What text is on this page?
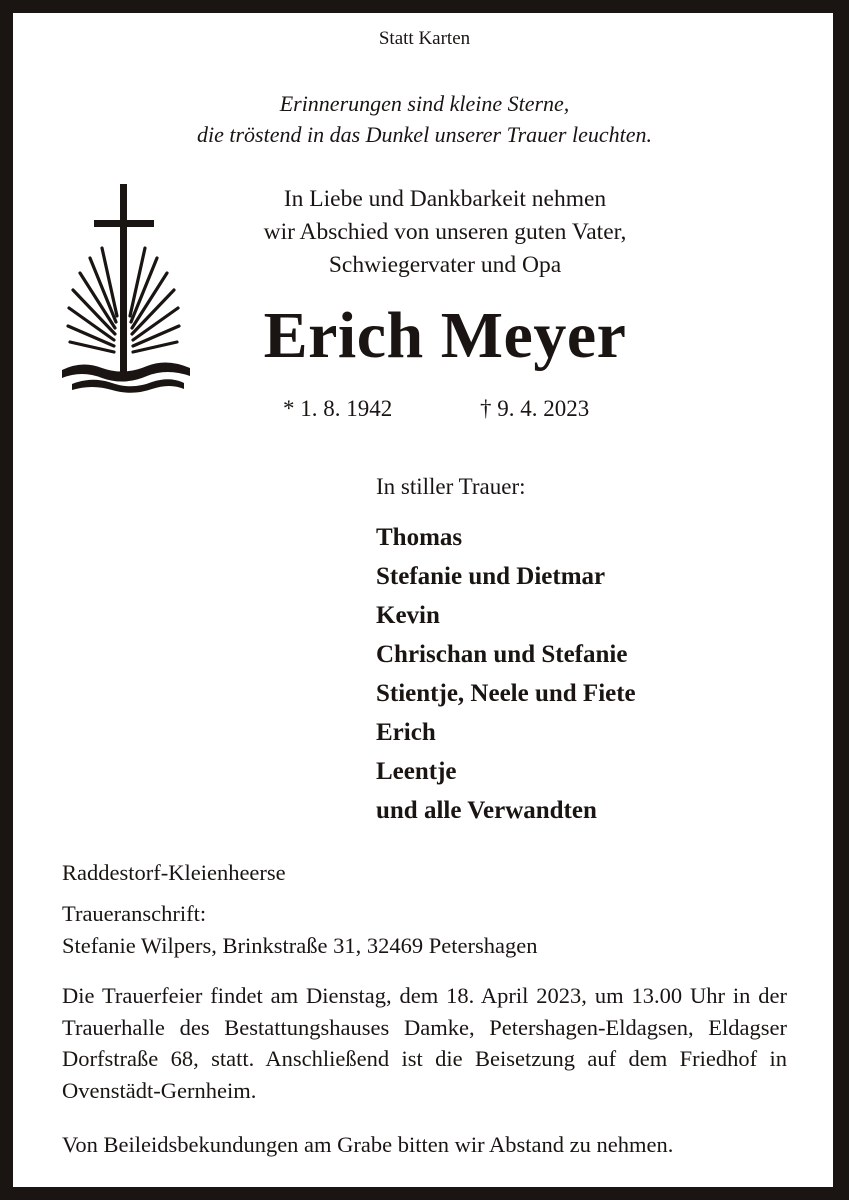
Statt Karten
Erinnerungen sind kleine Sterne,
die tröstend in das Dunkel unserer Trauer leuchten.
In Liebe und Dankbarkeit nehmen
wir Abschied von unseren guten Vater,
Schwiegervater und Opa
Erich Meyer
* 1. 8. 1942	† 9. 4. 2023
In stiller Trauer:
Thomas
Stefanie und Dietmar
Kevin
Chrischan und Stefanie
Stientje, Neele und Fiete
Erich
Leentje
und alle Verwandten
Raddestorf-Kleienheerse
Traueranschrift:
Stefanie Wilpers, Brinkstraße 31, 32469 Petershagen
Die Trauerfeier findet am Dienstag, dem 18. April 2023, um 13.00 Uhr in der Trauerhalle des Bestattungshauses Damke, Petershagen-Eldagsen, Eldagser Dorfstraße 68, statt. Anschließend ist die Beisetzung auf dem Friedhof in Ovenstädt-Gernheim.
Von Beileidsbekundungen am Grabe bitten wir Abstand zu nehmen.
